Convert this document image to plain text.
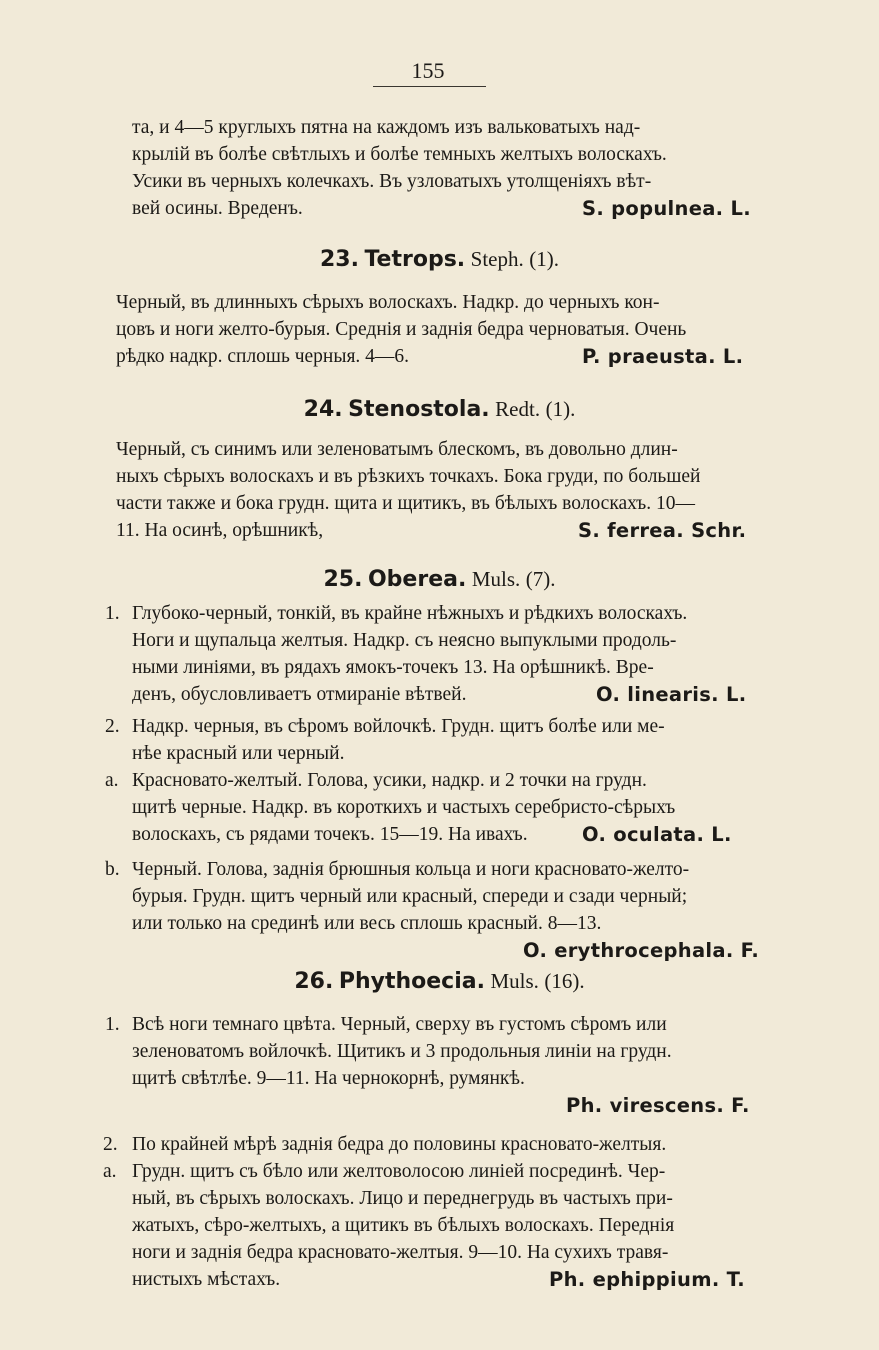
155
та, и 4—5 круглыхъ пятна на каждомъ изъ вальковатыхъ над-
крылій въ болѣе свѣтлыхъ и болѣе темныхъ желтыхъ волоскахъ.
Усики въ черныхъ колечкахъ. Въ узловатыхъ утолщеніяхъ вѣт-
вей осины. Вреденъ.	S. populnea. L.
23. Tetrops. Steph. (1).
Черный, въ длинныхъ сѣрыхъ волоскахъ. Надкр. до черныхъ кон-
цовъ и ноги желто-бурыя. Среднія и заднія бедра черноватыя. Очень
рѣдко надкр. сплошь черныя. 4—6.	P. praeusta. L.
24. Stenostola. Redt. (1).
Черный, съ синимъ или зеленоватымъ блескомъ, въ довольно длин-
ныхъ сѣрыхъ волоскахъ и въ рѣзкихъ точкахъ. Бока груди, по большей
части также и бока грудн. щита и щитикъ, въ бѣлыхъ волоскахъ. 10—
11. На осинѣ, орѣшникѣ,	S. ferrea. Schr.
25. Oberea. Muls. (7).
1. Глубоко-черный, тонкій, въ крайне нѣжныхъ и рѣдкихъ волоскахъ.
Ноги и щупальца желтыя. Надкр. съ неясно выпуклыми продоль-
ными линіями, въ рядахъ ямокъ-точекъ 13. На орѣшникѣ. Вре-
денъ, обусловливаетъ отмираніе вѣтвей.	O. linearis. L.
2. Надкр. черныя, въ сѣромъ войлочкѣ. Грудн. щитъ болѣе или ме-
нѣе красный или черный.
a. Красновато-желтый. Голова, усики, надкр. и 2 точки на грудн.
щитѣ черные. Надкр. въ короткихъ и частыхъ серебристо-сѣрыхъ
волоскахъ, съ рядами точекъ. 15—19. На ивахъ.	O. oculata. L.
b. Черный. Голова, заднія брюшныя кольца и ноги красновато-желто-
бурыя. Грудн. щитъ черный или красный, спереди и сзади черный;
или только на срединѣ или весь сплошь красный. 8—13.
O. erythrocephala. F.
26. Phythoecia. Muls. (16).
1. Всѣ ноги темнаго цвѣта. Черный, сверху въ густомъ сѣромъ или
зеленоватомъ войлочкѣ. Щитикъ и 3 продольныя линіи на грудн.
щитѣ свѣтлѣе. 9—11. На чернокорнѣ, румянкѣ.
Ph. virescens. F.
2. По крайней мѣрѣ заднія бедра до половины красновато-желтыя.
a. Грудн. щитъ съ бѣло или желтоволосою линіей посрединѣ. Чер-
ный, въ сѣрыхъ волоскахъ. Лицо и переднегрудь въ частыхъ при-
жатыхъ, сѣро-желтыхъ, а щитикъ въ бѣлыхъ волоскахъ. Переднія
ноги и заднія бедра красновато-желтыя. 9—10. На сухихъ травя-
нистыхъ мѣстахъ.	Ph. ephippium. T.
